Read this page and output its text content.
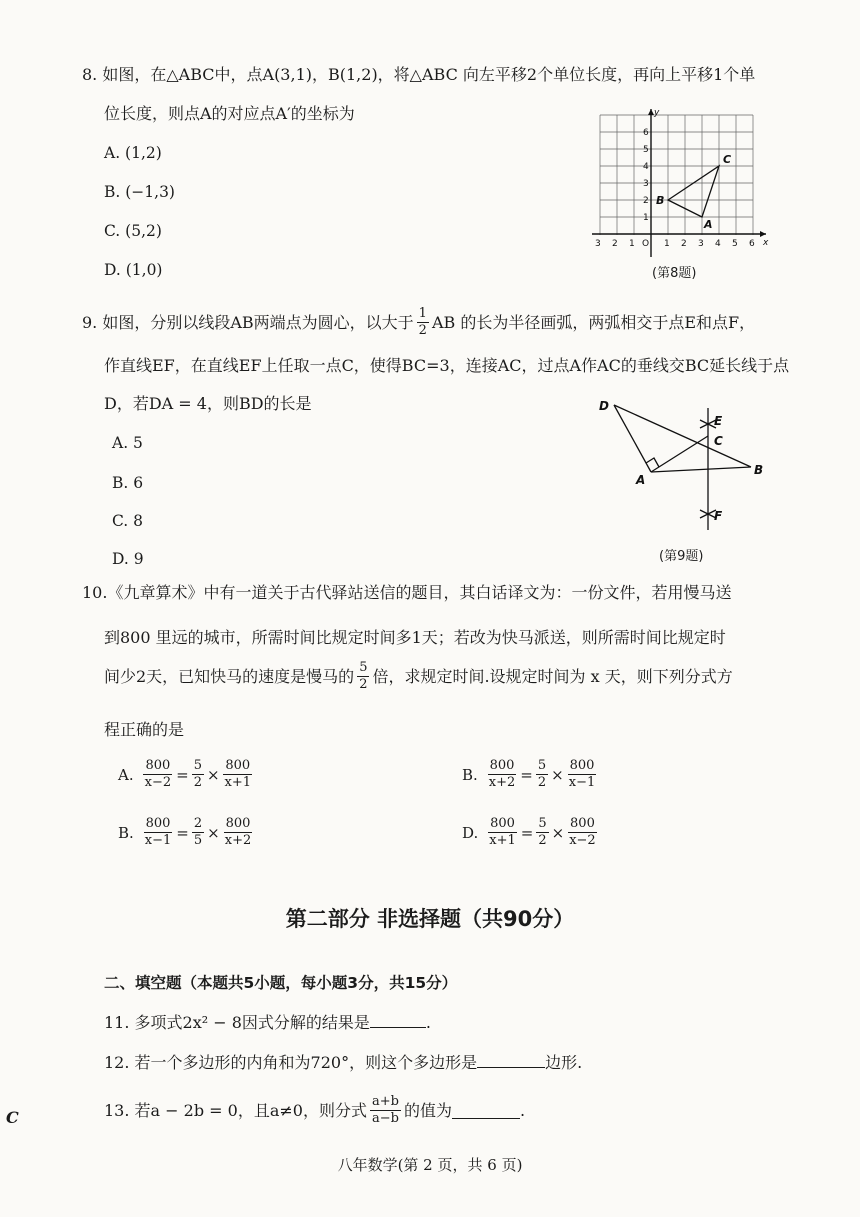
8. 如图，在△ABC中，点A(3,1)，B(1,2)，将△ABC 向左平移2个单位长度，再向上平移1个单
位长度，则点A的对应点A′的坐标为
A. (1,2)
B. (−1,3)
C. (5,2)
D. (1,0)
3 2 1 O 1 2 3 4 5 6 x
1
2
3
4
5
6
y
A
B
C
(第8题)
9. 如图，分别以线段AB两端点为圆心，以大于 $\frac{1}{2}$ AB 的长为半径画弧，两弧相交于点E和点F，
作直线EF，在直线EF上任取一点C，使得BC=3，连接AC，过点A作AC的垂线交BC延长线于点
D，若DA = 4，则BD的长是
A. 5
B. 6
C. 8
D. 9
D
E
C
A
B
F
(第9题)
10.《九章算术》中有一道关于古代驿站送信的题目，其白话译文为：一份文件，若用慢马送
到800 里远的城市，所需时间比规定时间多1天；若改为快马派送，则所需时间比规定时
间少2天，已知快马的速度是慢马的 $\frac{5}{2}$ 倍，求规定时间.设规定时间为 x 天，则下列分式方
程正确的是
A. $\frac{800}{x-2} = \frac{5}{2} \times \frac{800}{x+1}$	B. $\frac{800}{x+2} = \frac{5}{2} \times \frac{800}{x-1}$
B. $\frac{800}{x-1} = \frac{2}{5} \times \frac{800}{x+2}$	D. $\frac{800}{x+1} = \frac{5}{2} \times \frac{800}{x-2}$
第二部分 非选择题（共90分）
二、填空题（本题共5小题，每小题3分，共15分）
11. 多项式2x² − 8因式分解的结果是	.
12. 若一个多边形的内角和为720°，则这个多边形是	边形.
13. 若a − 2b = 0，且a≠0，则分式 $\frac{a+b}{a-b}$ 的值为	.
C
八年数学(第 2 页，共 6 页)
